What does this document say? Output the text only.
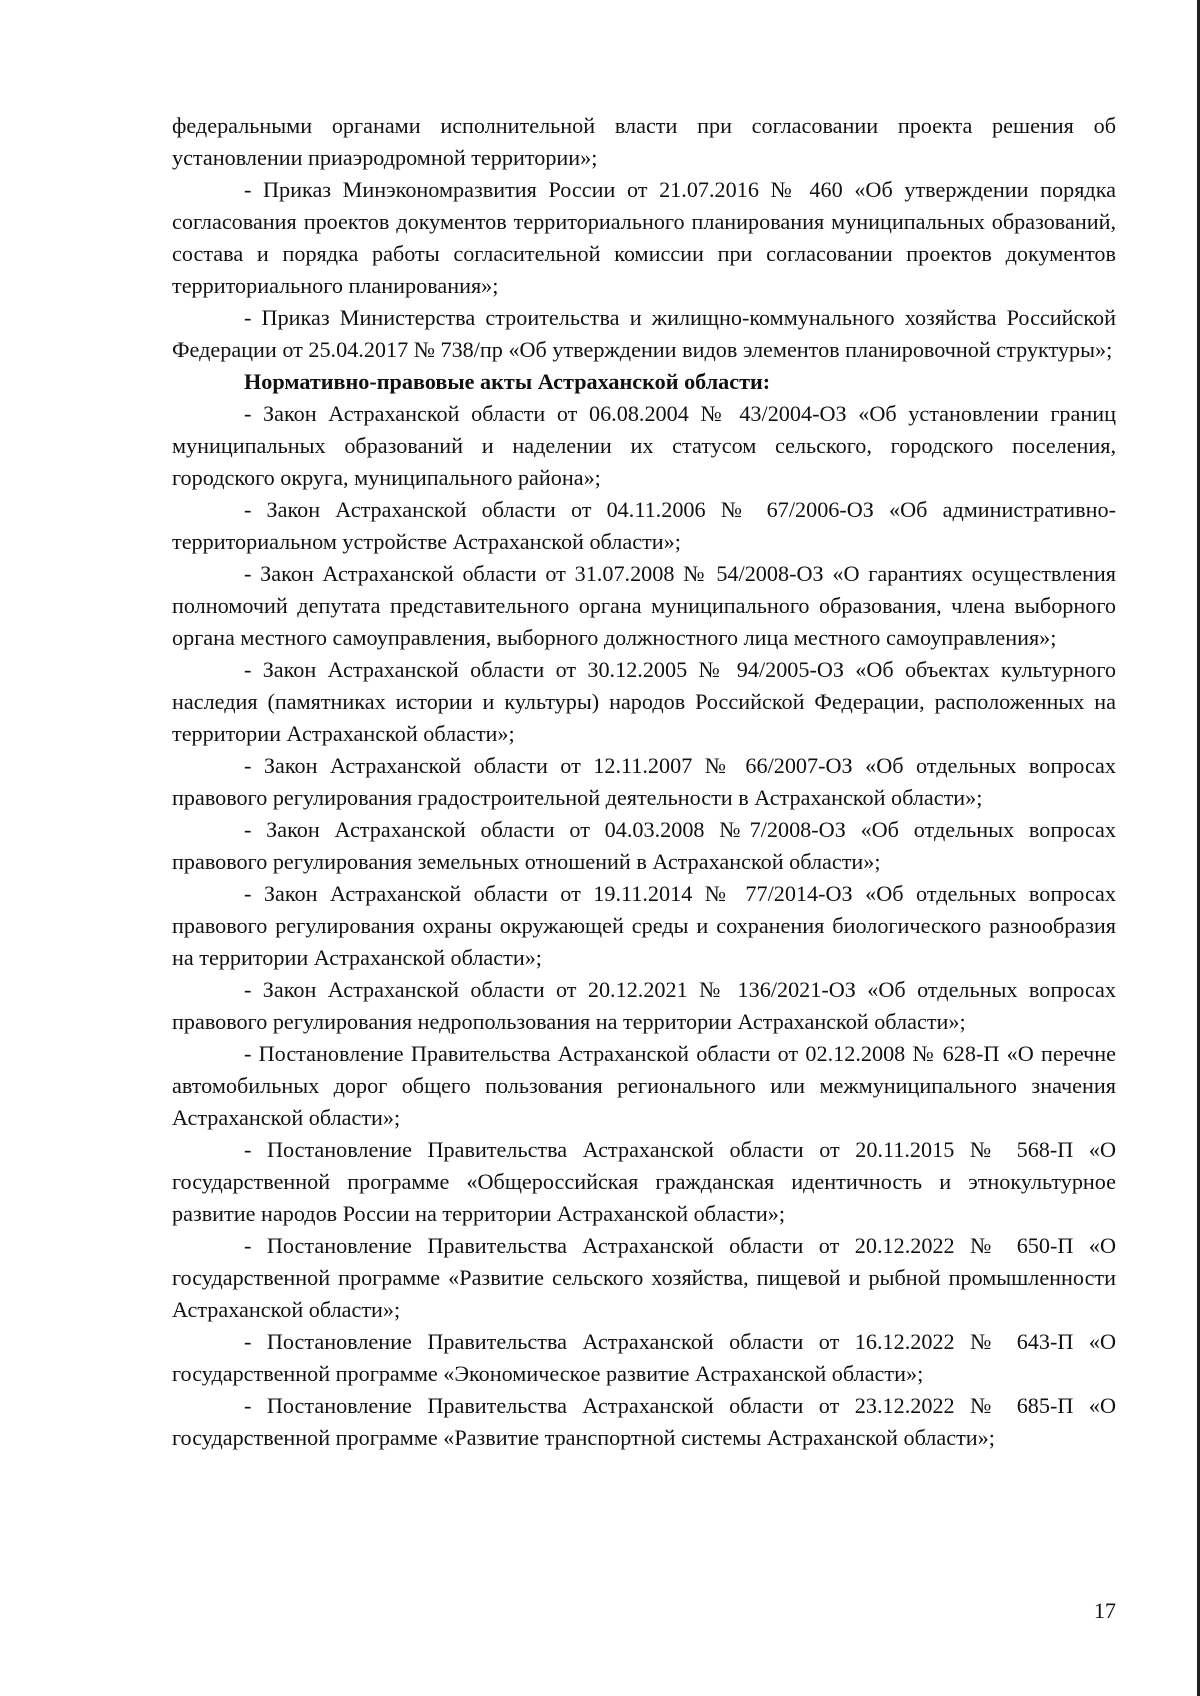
федеральными органами исполнительной власти при согласовании проекта решения об установлении приаэродромной территории»;

- Приказ Минэкономразвития России от 21.07.2016 № 460 «Об утверждении порядка согласования проектов документов территориального планирования муниципальных образований, состава и порядка работы согласительной комиссии при согласовании проектов документов территориального планирования»;

- Приказ Министерства строительства и жилищно-коммунального хозяйства Российской Федерации от 25.04.2017 № 738/пр «Об утверждении видов элементов планировочной структуры»;

Нормативно-правовые акты Астраханской области:

- Закон Астраханской области от 06.08.2004 № 43/2004-ОЗ «Об установлении границ муниципальных образований и наделении их статусом сельского, городского поселения, городского округа, муниципального района»;

- Закон Астраханской области от 04.11.2006 № 67/2006-ОЗ «Об административно-территориальном устройстве Астраханской области»;

- Закон Астраханской области от 31.07.2008 № 54/2008-ОЗ «О гарантиях осуществления полномочий депутата представительного органа муниципального образования, члена выборного органа местного самоуправления, выборного должностного лица местного самоуправления»;

- Закон Астраханской области от 30.12.2005 № 94/2005-ОЗ «Об объектах культурного наследия (памятниках истории и культуры) народов Российской Федерации, расположенных на территории Астраханской области»;

- Закон Астраханской области от 12.11.2007 № 66/2007-ОЗ «Об отдельных вопросах правового регулирования градостроительной деятельности в Астраханской области»;

- Закон Астраханской области от 04.03.2008 №7/2008-ОЗ «Об отдельных вопросах правового регулирования земельных отношений в Астраханской области»;

- Закон Астраханской области от 19.11.2014 № 77/2014-ОЗ «Об отдельных вопросах правового регулирования охраны окружающей среды и сохранения биологического разнообразия на территории Астраханской области»;

- Закон Астраханской области от 20.12.2021 № 136/2021-ОЗ «Об отдельных вопросах правового регулирования недропользования на территории Астраханской области»;

- Постановление Правительства Астраханской области от 02.12.2008 № 628-П «О перечне автомобильных дорог общего пользования регионального или межмуниципального значения Астраханской области»;

- Постановление Правительства Астраханской области от 20.11.2015 № 568-П «О государственной программе «Общероссийская гражданская идентичность и этнокультурное развитие народов России на территории Астраханской области»;

- Постановление Правительства Астраханской области от 20.12.2022 № 650-П «О государственной программе «Развитие сельского хозяйства, пищевой и рыбной промышленности Астраханской области»;

- Постановление Правительства Астраханской области от 16.12.2022 № 643-П «О государственной программе «Экономическое развитие Астраханской области»;

- Постановление Правительства Астраханской области от 23.12.2022 № 685-П «О государственной программе «Развитие транспортной системы Астраханской области»;

17
